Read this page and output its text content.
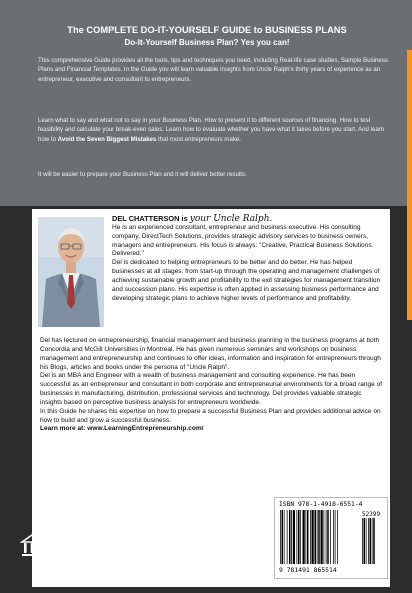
The COMPLETE DO-IT-YOURSELF GUIDE to BUSINESS PLANS
Do-It-Yourself Business Plan? Yes you can!
This comprehensive Guide provides all the tools, tips and techniques you need, including Real-life case studies, Sample Business Plans and Financial Templates. In the Guide you will learn valuable insights from Uncle Ralph's thirty years of experience as an entrepreneur, executive and consultant to entrepreneurs.
Learn what to say and what not to say in your Business Plan. How to present it to different sources of financing. How to test feasibility and calculate your break-even sales. Learn how to evaluate whether you have what it takes before you start. And learn how to Avoid the Seven Biggest Mistakes that most entrepreneurs make.
It will be easier to prepare your Business Plan and it will deliver better results.

DEL CHATTERSON is your Uncle Ralph.

He is an experienced consultant, entrepreneur and business executive. His consulting company, DirectTech Solutions, provides strategic advisory services to business owners, managers and entrepreneurs. His focus is always: "Creative, Practical Business Solutions. Delivered."

Del is dedicated to helping entrepreneurs to be better and do better. He has helped businesses at all stages: from start-up through the operating and management challenges of achieving sustainable growth and profitability to the exit strategies for management transition and succession plans. His expertise is often applied in assessing business performance and developing strategic plans to achieve higher levels of performance and profitability.

Del has lectured on entrepreneurship, financial management and business planning in the business programs at both Concordia and McGill Universities in Montreal. He has given numerous seminars and workshops on business management and entrepreneurship and continues to offer ideas, information and inspiration for entrepreneurs through his Blogs, articles and books under the persona of "Uncle Ralph".

Del is an MBA and Engineer with a wealth of business management and consulting experience. He has been successful as an entrepreneur and consultant in both corporate and entrepreneurial environments for a broad range of businesses in manufacturing, distribution, professional services and technology. Del provides valuable strategic insights based on perceptive business analysis for entrepreneurs worldwide.

In this Guide he shares his expertise on how to prepare a successful Business Plan and provides additional advice on how to build and grow a successful business.

Learn more at: www.LearningEntrepreneurship.com/

ISBN 978-1-4918-6551-4
52399
9 781491 865514
authorHOUSE®
